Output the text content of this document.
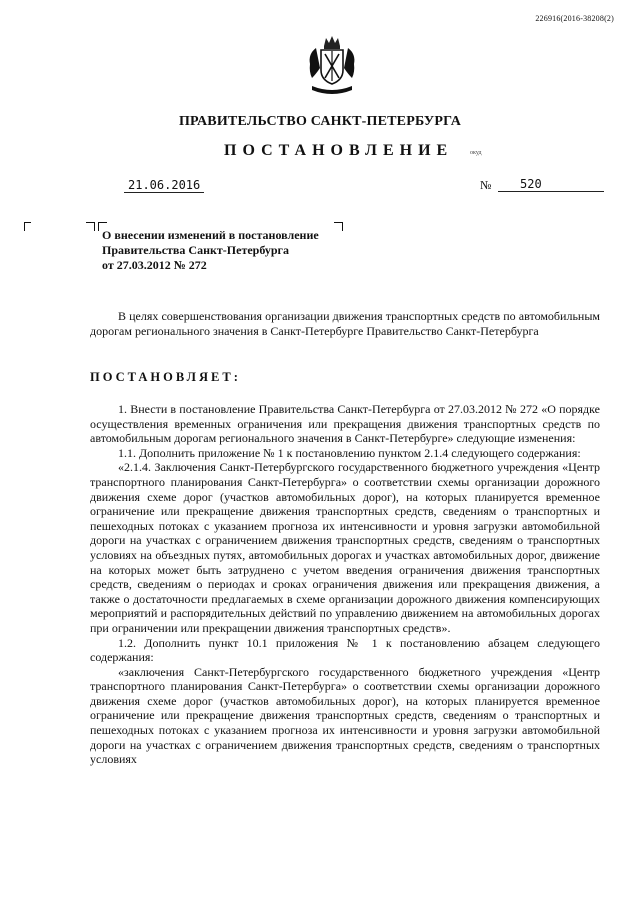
226916(2016-38208(2)
ПРАВИТЕЛЬСТВО САНКТ-ПЕТЕРБУРГА
ПОСТАНОВЛЕНИЕ	окуд
21.06.2016	№	520
О внесении изменений в постановление
Правительства Санкт-Петербурга
от 27.03.2012 № 272
В целях совершенствования организации движения транспортных средств по автомобильным дорогам регионального значения в Санкт-Петербурге Правительство Санкт-Петербурга
ПОСТАНОВЛЯЕТ:

1. Внести в постановление Правительства Санкт-Петербурга от 27.03.2012 № 272 «О порядке осуществления временных ограничения или прекращения движения транспортных средств по автомобильным дорогам регионального значения в Санкт-Петербурге» следующие изменения:

1.1. Дополнить приложение № 1 к постановлению пунктом 2.1.4 следующего содержания:

«2.1.4. Заключения Санкт-Петербургского государственного бюджетного учреждения «Центр транспортного планирования Санкт-Петербурга» о соответствии схемы организации дорожного движения схеме дорог (участков автомобильных дорог), на которых планируется временное ограничение или прекращение движения транспортных средств, сведениям о транспортных и пешеходных потоках с указанием прогноза их интенсивности и уровня загрузки автомобильной дороги на участках с ограничением движения транспортных средств, сведениям о транспортных условиях на объездных путях, автомобильных дорогах и участках автомобильных дорог, движение на которых может быть затруднено с учетом введения ограничения движения транспортных средств, сведениям о периодах и сроках ограничения движения или прекращения движения, а также о достаточности предлагаемых в схеме организации дорожного движения компенсирующих мероприятий и распорядительных действий по управлению движением на автомобильных дорогах при ограничении или прекращении движения транспортных средств».

1.2. Дополнить пункт 10.1 приложения № 1 к постановлению абзацем следующего содержания:

«заключения Санкт-Петербургского государственного бюджетного учреждения «Центр транспортного планирования Санкт-Петербурга» о соответствии схемы организации дорожного движения схеме дорог (участков автомобильных дорог), на которых планируется временное ограничение или прекращение движения транспортных средств, сведениям о транспортных и пешеходных потоках с указанием прогноза их интенсивности и уровня загрузки автомобильной дороги на участках с ограничением движения транспортных средств, сведениям о транспортных условиях
